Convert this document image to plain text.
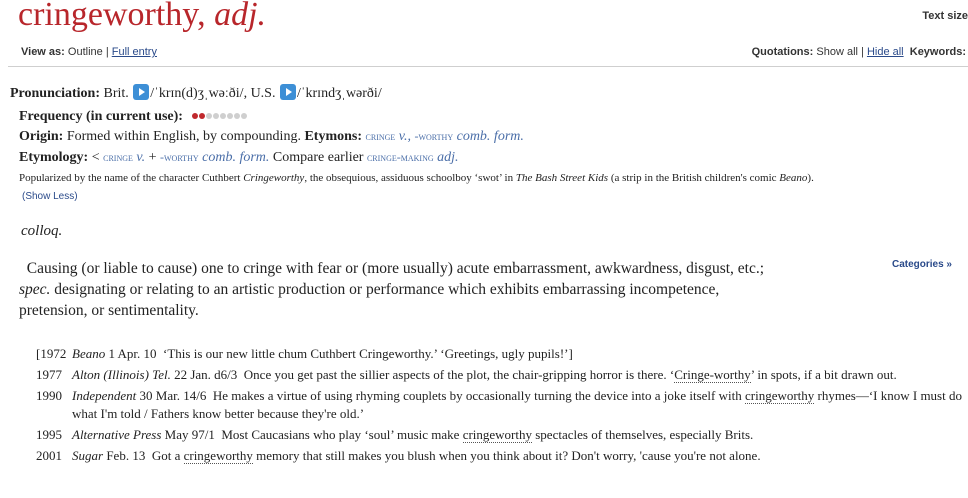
cringeworthy, adj.	Text size
View as: Outline | Full entry	Quotations: Show all | Hide all Keywords:
Pronunciation: Brit. /ˈkrɪn(d)ʒˌwəːði/, U.S. /ˈkrɪndʒˌwərði/
Frequency (in current use):
Origin: Formed within English, by compounding. Etymons: cringe v., -worthy comb. form.
Etymology: < cringe v. + -worthy comb. form. Compare earlier cringe-making adj.
Popularized by the name of the character Cuthbert Cringeworthy, the obsequious, assiduous schoolboy ‘swot’ in The Bash Street Kids (a strip in the British children's comic Beano).
(Show Less)
colloq.
Causing (or liable to cause) one to cringe with fear or (more usually) acute embarrassment, awkwardness, disgust, etc.; spec. designating or relating to an artistic production or performance which exhibits embarrassing incompetence, pretension, or sentimentality.
Categories »
[1972 Beano 1 Apr. 10 ‘This is our new little chum Cuthbert Cringeworthy.’ ‘Greetings, ugly pupils!’]
1977 Alton (Illinois) Tel. 22 Jan. d6/3 Once you get past the sillier aspects of the plot, the chair-gripping horror is there. ‘Cringe-worthy’ in spots, if a bit drawn out.
1990 Independent 30 Mar. 14/6 He makes a virtue of using rhyming couplets by occasionally turning the device into a joke itself with cringeworthy rhymes—‘I know I must do what I'm told / Fathers know better because they're old.’
1995 Alternative Press May 97/1 Most Caucasians who play ‘soul’ music make cringeworthy spectacles of themselves, especially Brits.
2001 Sugar Feb. 13 Got a cringeworthy memory that still makes you blush when you think about it? Don't worry, 'cause you're not alone.
